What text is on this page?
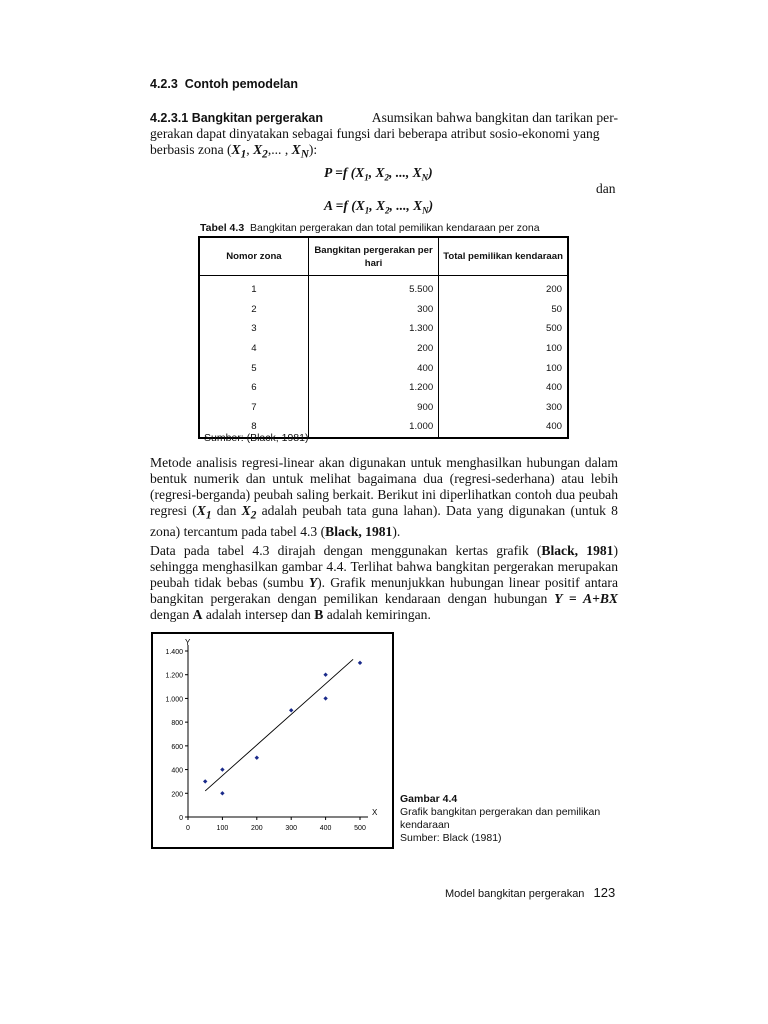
4.2.3 Contoh pemodelan
4.2.3.1 Bangkitan pergerakan	Asumsikan bahwa bangkitan dan tarikan per-
gerakan dapat dinyatakan sebagai fungsi dari beberapa atribut sosio-ekonomi yang
berbasis zona ($X_1$, $X_2$,... , $X_N$):
P =f ($X_1$, $X_2$, ..., $X_N$)
dan
A =f ($X_1$, $X_2$, ..., $X_N$)
Tabel 4.3 Bangkitan pergerakan dan total pemilikan kendaraan per zona
Nomor zona	Bangkitan pergerakan per hari	Total pemilikan kendaraan
1	5.500	200
2	300	50
3	1.300	500
4	200	100
5	400	100
6	1.200	400
7	900	300
8	1.000	400
Sumber: (Black, 1981)
Metode analisis regresi-linear akan digunakan untuk menghasilkan hubungan dalam bentuk numerik dan untuk melihat bagaimana dua (regresi-sederhana) atau lebih (regresi-berganda) peubah saling berkait. Berikut ini diperlihatkan contoh dua peubah regresi ($X_1$ dan $X_2$ adalah peubah tata guna lahan). Data yang digunakan (untuk 8 zona) tercantum pada tabel 4.3 (Black, 1981).
Data pada tabel 4.3 dirajah dengan menggunakan kertas grafik (Black, 1981) sehingga menghasilkan gambar 4.4. Terlihat bahwa bangkitan pergerakan merupakan peubah tidak bebas (sumbu Y). Grafik menunjukkan hubungan linear positif antara bangkitan pergerakan dengan pemilikan kendaraan dengan hubungan Y = A+BX dengan A adalah intersep dan B adalah kemiringan.
0
200
400
600
800
1.000
1.200
1.400
0	100	200	300	400	500
Y
X
Gambar 4.4
Grafik bangkitan pergerakan dan pemilikan kendaraan
Sumber: Black (1981)
Model bangkitan pergerakan 123
